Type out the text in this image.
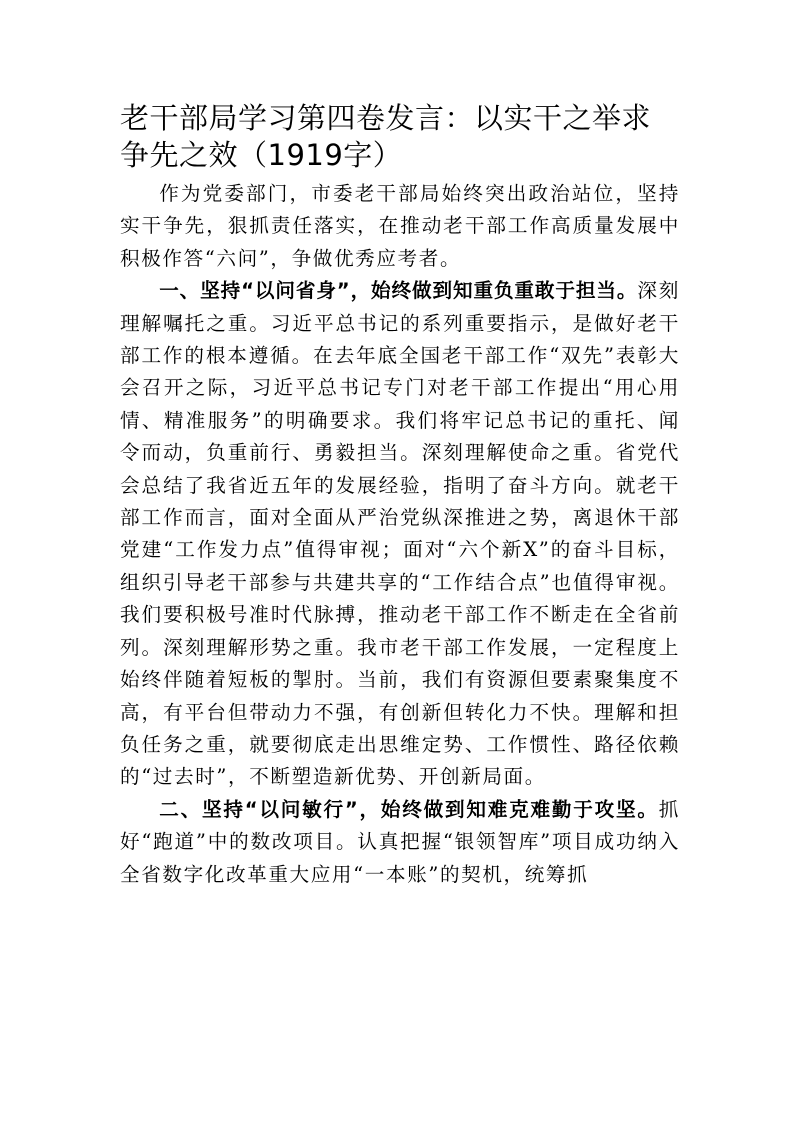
老干部局学习第四卷发言：以实干之举求争先之效（1919字）

作为党委部门，市委老干部局始终突出政治站位，坚持实干争先，狠抓责任落实，在推动老干部工作高质量发展中积极作答“六问”，争做优秀应考者。

一、坚持“以问省身”，始终做到知重负重敢于担当。深刻理解嘱托之重。习近平总书记的系列重要指示，是做好老干部工作的根本遵循。在去年底全国老干部工作“双先”表彰大会召开之际，习近平总书记专门对老干部工作提出“用心用情、精准服务”的明确要求。我们将牢记总书记的重托、闻令而动，负重前行、勇毅担当。深刻理解使命之重。省党代会总结了我省近五年的发展经验，指明了奋斗方向。就老干部工作而言，面对全面从严治党纵深推进之势，离退休干部党建“工作发力点”值得审视；面对“六个新X”的奋斗目标，组织引导老干部参与共建共享的“工作结合点”也值得审视。我们要积极号准时代脉搏，推动老干部工作不断走在全省前列。深刻理解形势之重。我市老干部工作发展，一定程度上始终伴随着短板的掣肘。当前，我们有资源但要素聚集度不高，有平台但带动力不强，有创新但转化力不快。理解和担负任务之重，就要彻底走出思维定势、工作惯性、路径依赖的“过去时”，不断塑造新优势、开创新局面。

二、坚持“以问敏行”，始终做到知难克难勤于攻坚。抓好“跑道”中的数改项目。认真把握“银领智库”项目成功纳入全省数字化改革重大应用“一本账”的契机，统筹抓
